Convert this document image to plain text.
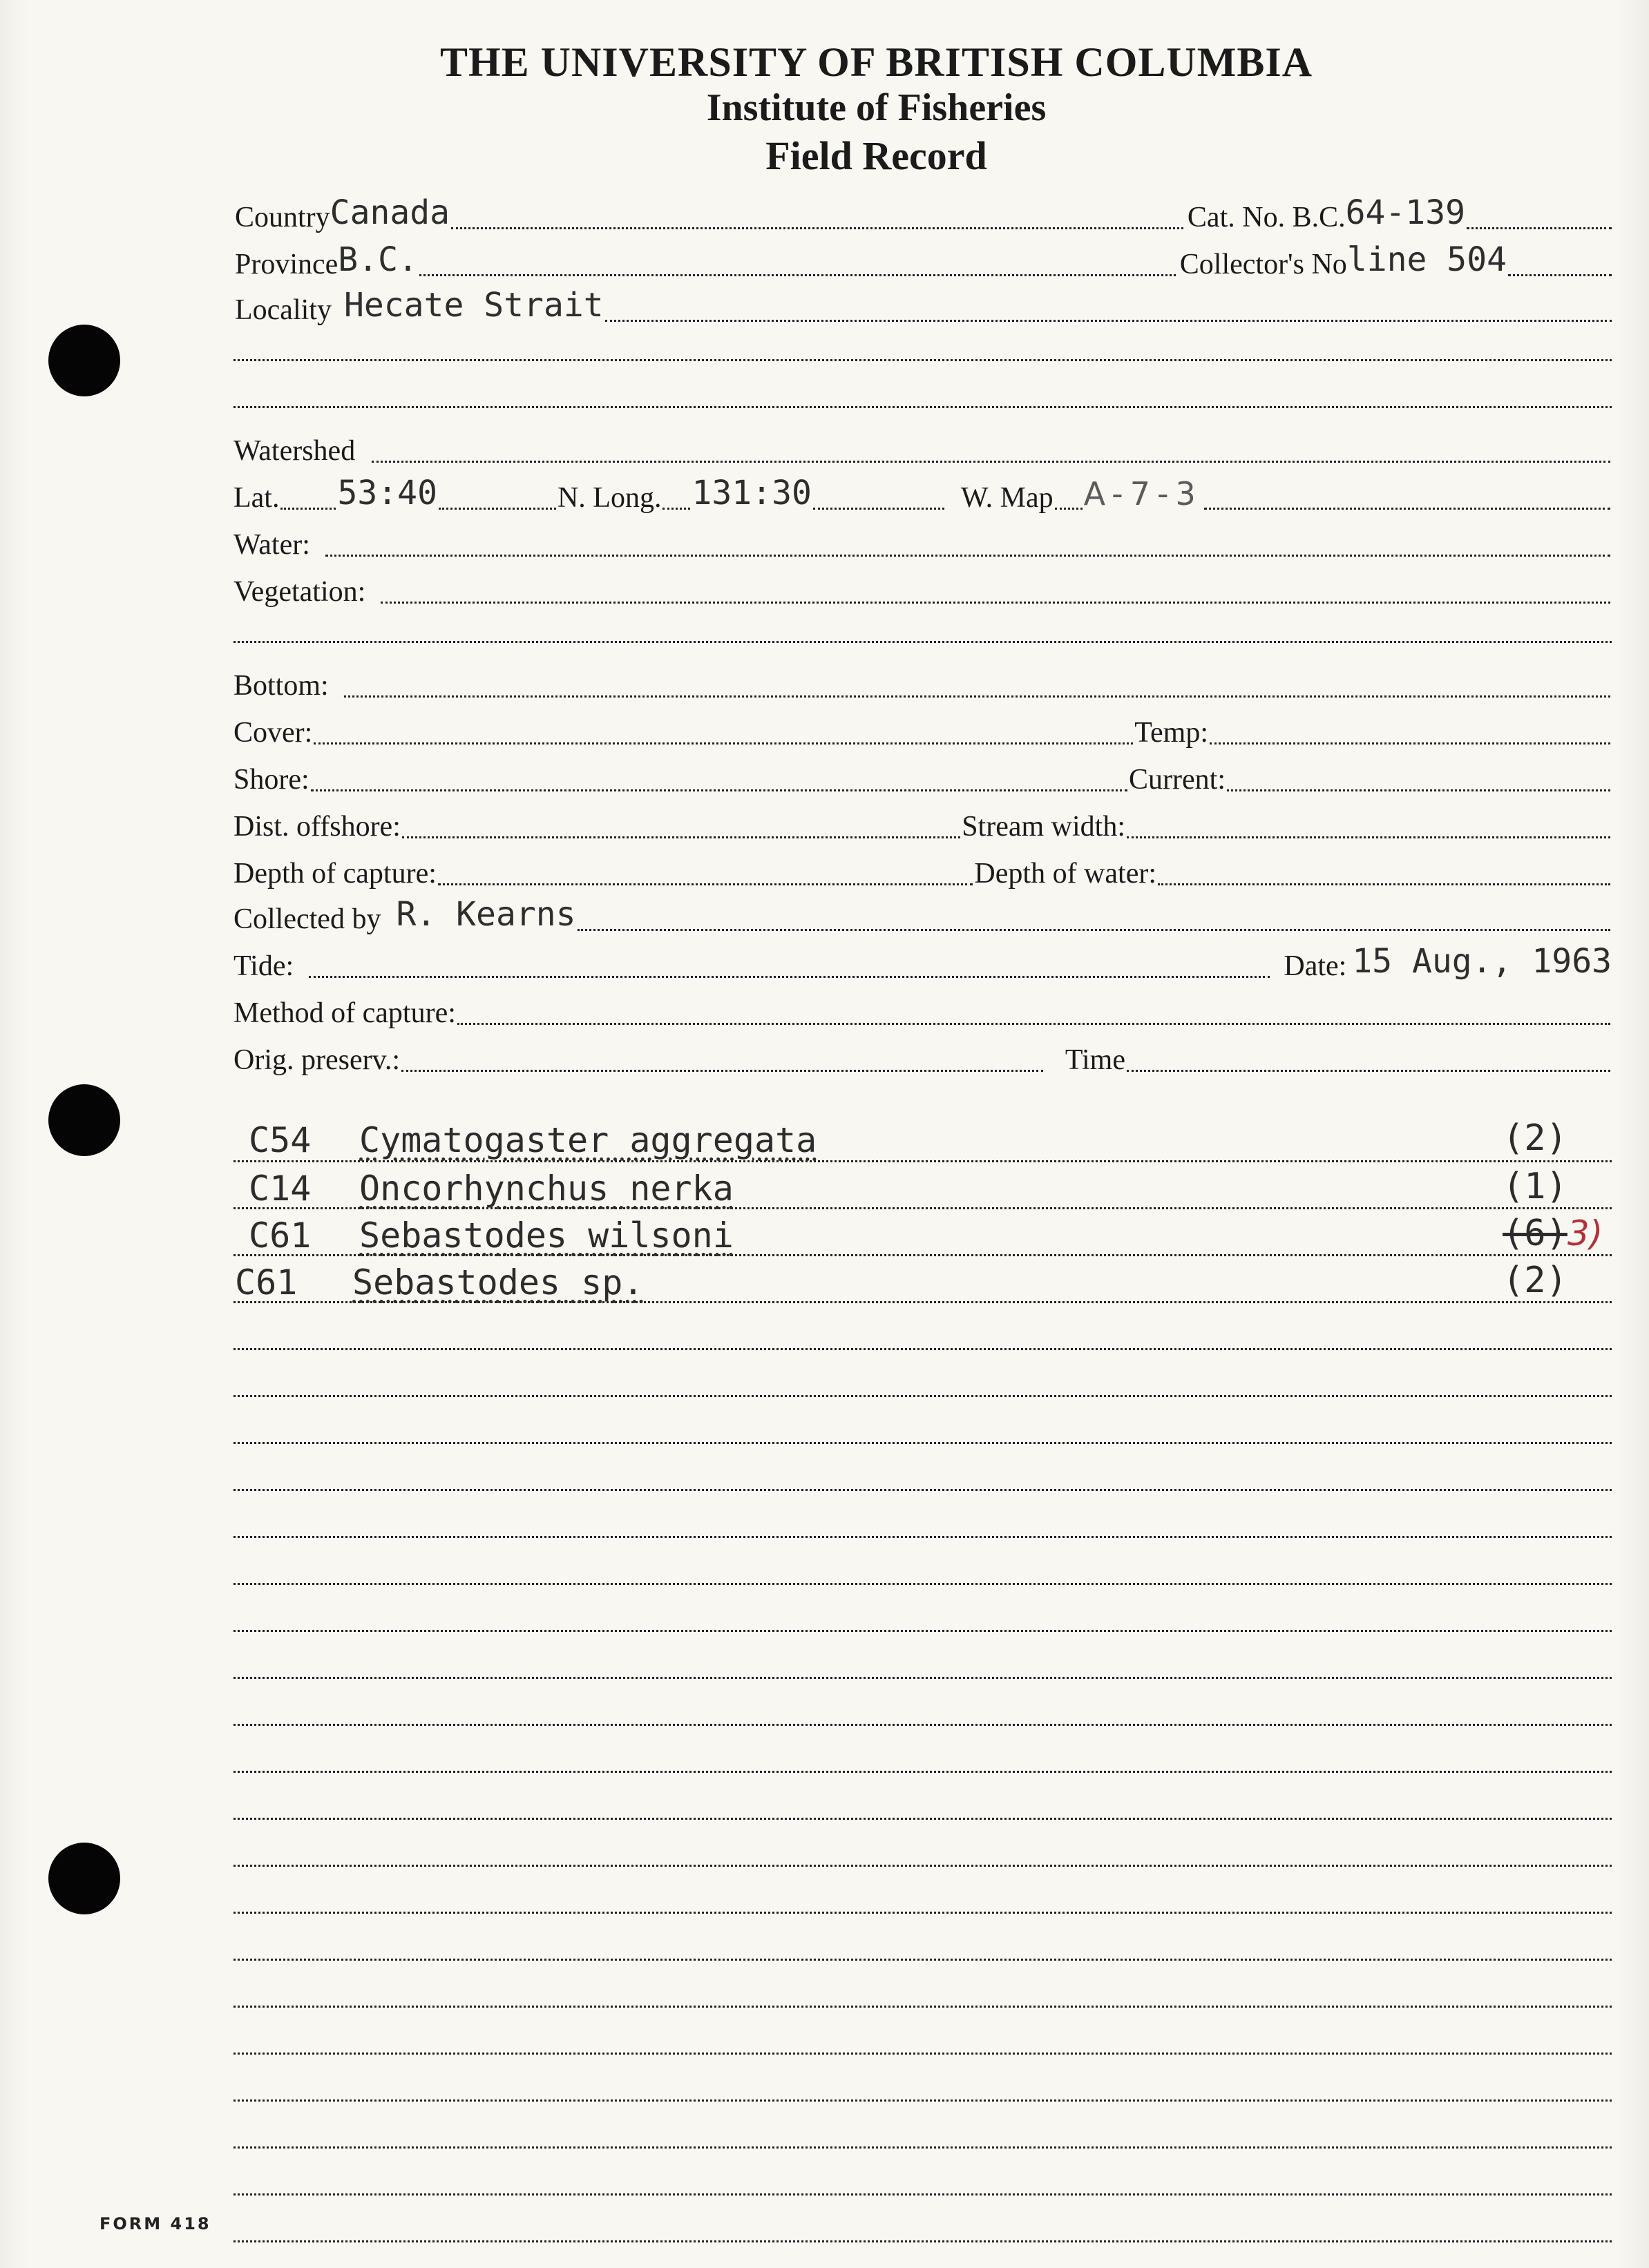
THE UNIVERSITY OF BRITISH COLUMBIA
Institute of Fisheries
Field Record
Country Canada	Cat. No. B.C. 64-139
Province B.C.	Collector's No line 504
Locality Hecate Strait
Watershed
Lat. 53:40	N. Long. 131:30	W. Map A-7-3
Water:
Vegetation:
Bottom:
Cover:	Temp:
Shore:	Current:
Dist. offshore:	Stream width:
Depth of capture:	Depth of water:
Collected by R. Kearns
Tide:	Date: 15 Aug., 1963
Method of capture:
Orig. preserv.:	Time
C54	Cymatogaster aggregata	(2)
C14	Oncorhynchus nerka	(1)
C61	Sebastodes wilsoni	(6)3)
C61	Sebastodes sp.	(2)
FORM 418
